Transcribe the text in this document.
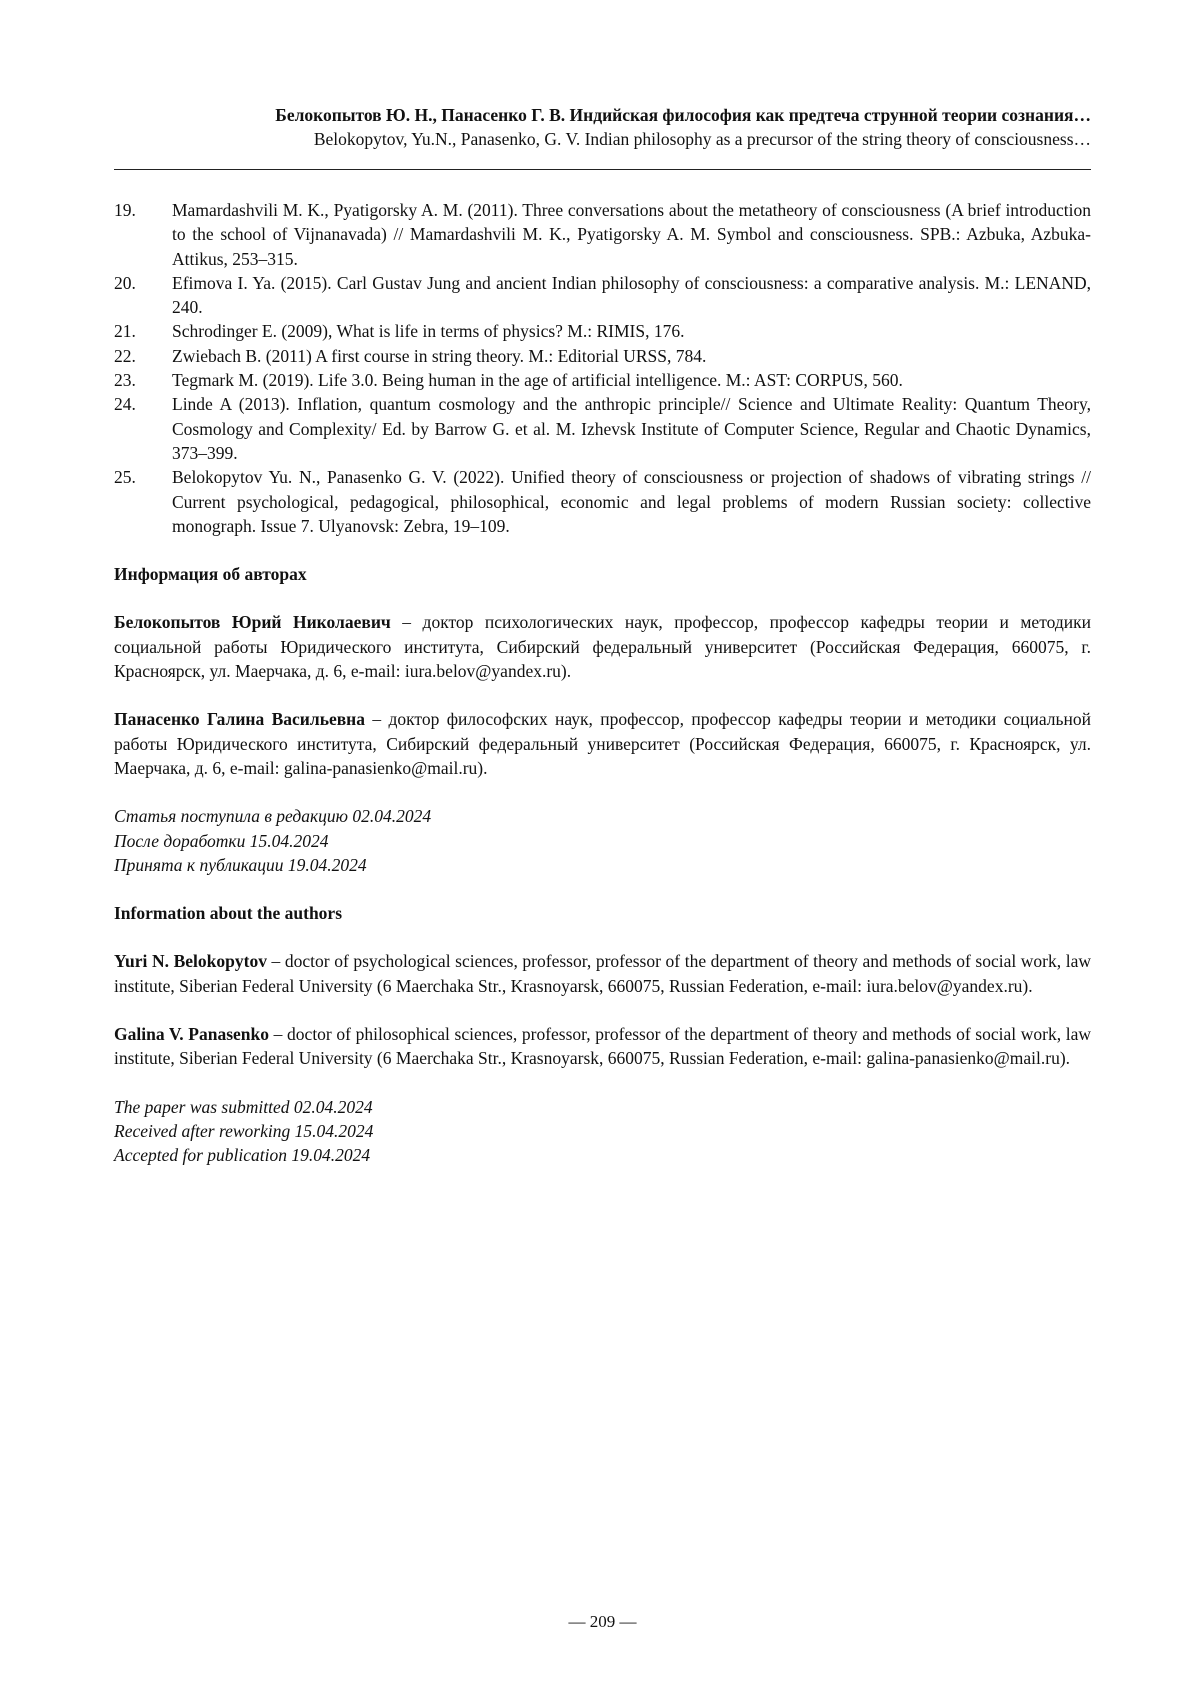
Белокопытов Ю. Н., Панасенко Г. В. Индийская философия как предтеча струнной теории сознания…
Belokopytov, Yu.N., Panasenko, G. V. Indian philosophy as a precursor of the string theory of consciousness…
19.	Mamardashvili M. K., Pyatigorsky A. M. (2011). Three conversations about the metatheory of consciousness (A brief introduction to the school of Vijnanavada) // Mamardashvili M. K., Pyatigorsky A. M. Symbol and consciousness. SPB.: Azbuka, Azbuka-Attikus, 253–315.
20.	Efimova I. Ya. (2015). Carl Gustav Jung and ancient Indian philosophy of consciousness: a comparative analysis. M.: LENAND, 240.
21.	Schrodinger E. (2009), What is life in terms of physics? M.: RIMIS, 176.
22.	Zwiebach B. (2011) A first course in string theory. M.: Editorial URSS, 784.
23.	Tegmark M. (2019). Life 3.0. Being human in the age of artificial intelligence. M.: AST: CORPUS, 560.
24.	Linde A (2013). Inflation, quantum cosmology and the anthropic principle// Science and Ultimate Reality: Quantum Theory, Cosmology and Complexity/ Ed. by Barrow G. et al. M. Izhevsk Institute of Computer Science, Regular and Chaotic Dynamics, 373–399.
25.	Belokopytov Yu. N., Panasenko G. V. (2022). Unified theory of consciousness or projection of shadows of vibrating strings // Current psychological, pedagogical, philosophical, economic and legal problems of modern Russian society: collective monograph. Issue 7. Ulyanovsk: Zebra, 19–109.
Информация об авторах

Белокопытов Юрий Николаевич – доктор психологических наук, профессор, профессор кафедры теории и методики социальной работы Юридического института, Сибирский федеральный университет (Российская Федерация, 660075, г. Красноярск, ул. Маерчака, д. 6, e-mail: iura.belov@yandex.ru).

Панасенко Галина Васильевна – доктор философских наук, профессор, профессор кафедры теории и методики социальной работы Юридического института, Сибирский федеральный университет (Российская Федерация, 660075, г. Красноярск, ул. Маерчака, д. 6, e-mail: galina-panasienko@mail.ru).

Статья поступила в редакцию 02.04.2024
После доработки 15.04.2024
Принята к публикации 19.04.2024
Information about the authors

Yuri N. Belokopytov – doctor of psychological sciences, professor, professor of the department of theory and methods of social work, law institute, Siberian Federal University (6 Maerchaka Str., Krasnoyarsk, 660075, Russian Federation, e-mail: iura.belov@yandex.ru).

Galina V. Panasenko – doctor of philosophical sciences, professor, professor of the department of theory and methods of social work, law institute, Siberian Federal University (6 Maerchaka Str., Krasnoyarsk, 660075, Russian Federation, e-mail: galina-panasienko@mail.ru).

The paper was submitted 02.04.2024
Received after reworking 15.04.2024
Accepted for publication 19.04.2024
— 209 —
